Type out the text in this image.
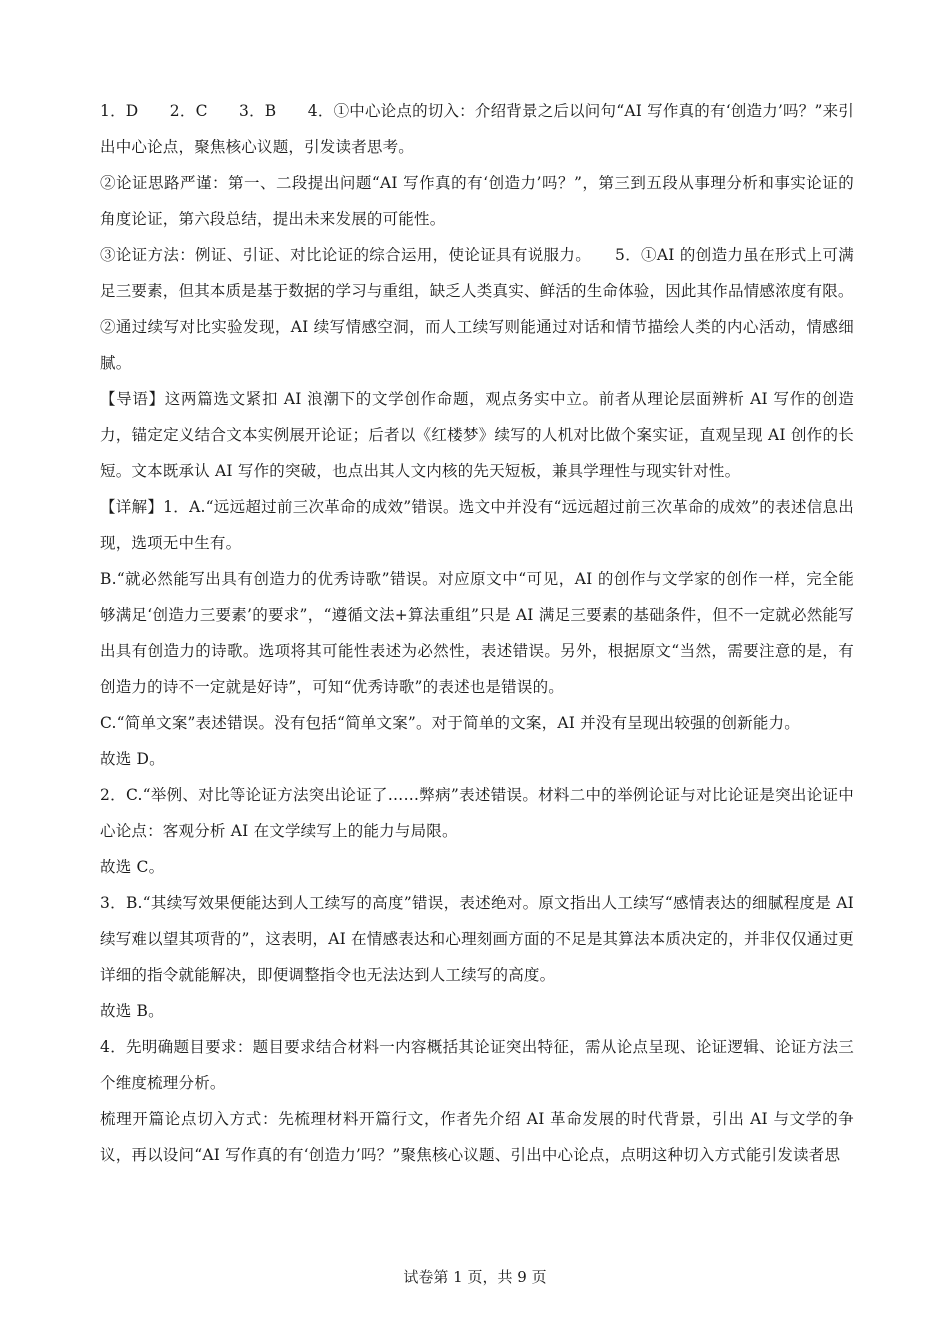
1．D　　2．C　　3．B　　4．①中心论点的切入：介绍背景之后以问句“AI 写作真的有‘创造力’吗？”来引出中心论点，聚焦核心议题，引发读者思考。

②论证思路严谨：第一、二段提出问题“AI 写作真的有‘创造力’吗？”，第三到五段从事理分析和事实论证的角度论证，第六段总结，提出未来发展的可能性。

③论证方法：例证、引证、对比论证的综合运用，使论证具有说服力。　　5．①AI 的创造力虽在形式上可满足三要素，但其本质是基于数据的学习与重组，缺乏人类真实、鲜活的生命体验，因此其作品情感浓度有限。

②通过续写对比实验发现，AI 续写情感空洞，而人工续写则能通过对话和情节描绘人类的内心活动，情感细腻。

【导语】这两篇选文紧扣 AI 浪潮下的文学创作命题，观点务实中立。前者从理论层面辨析 AI 写作的创造力，锚定定义结合文本实例展开论证；后者以《红楼梦》续写的人机对比做个案实证，直观呈现 AI 创作的长短。文本既承认 AI 写作的突破，也点出其人文内核的先天短板，兼具学理性与现实针对性。

【详解】1．A.“远远超过前三次革命的成效”错误。选文中并没有“远远超过前三次革命的成效”的表述信息出现，选项无中生有。

B.“就必然能写出具有创造力的优秀诗歌”错误。对应原文中“可见，AI 的创作与文学家的创作一样，完全能够满足‘创造力三要素’的要求”，“遵循文法+算法重组”只是 AI 满足三要素的基础条件，但不一定就必然能写出具有创造力的诗歌。选项将其可能性表述为必然性，表述错误。另外，根据原文“当然，需要注意的是，有创造力的诗不一定就是好诗”，可知“优秀诗歌”的表述也是错误的。

C.“简单文案”表述错误。没有包括“简单文案”。对于简单的文案，AI 并没有呈现出较强的创新能力。

故选 D。

2．C.“举例、对比等论证方法突出论证了……弊病”表述错误。材料二中的举例论证与对比论证是突出论证中心论点：客观分析 AI 在文学续写上的能力与局限。

故选 C。

3．B.“其续写效果便能达到人工续写的高度”错误，表述绝对。原文指出人工续写“感情表达的细腻程度是 AI 续写难以望其项背的”，这表明，AI 在情感表达和心理刻画方面的不足是其算法本质决定的，并非仅仅通过更详细的指令就能解决，即便调整指令也无法达到人工续写的高度。

故选 B。

4．先明确题目要求：题目要求结合材料一内容概括其论证突出特征，需从论点呈现、论证逻辑、论证方法三个维度梳理分析。

梳理开篇论点切入方式：先梳理材料开篇行文，作者先介绍 AI 革命发展的时代背景，引出 AI 与文学的争议，再以设问“AI 写作真的有‘创造力’吗？”聚焦核心议题、引出中心论点，点明这种切入方式能引发读者思

试卷第 1 页，共 9 页
